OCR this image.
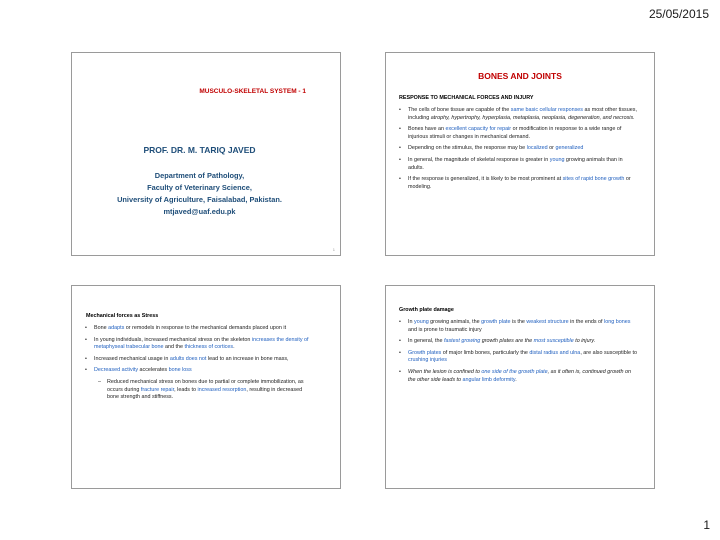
25/05/2015
MUSCULO-SKELETAL SYSTEM - 1
PROF. DR. M. TARIQ JAVED
Department of Pathology,
Faculty of Veterinary Science,
University of Agriculture, Faisalabad, Pakistan.
mtjaved@uaf.edu.pk
1
BONES AND JOINTS
RESPONSE TO MECHANICAL FORCES AND INJURY
• The cells of bone tissue are capable of the same basic cellular responses as most other tissues, including atrophy, hypertrophy, hyperplasia, metaplasia, neoplasia, degeneration, and necrosis.
• Bones have an excellent capacity for repair or modification in response to a wide range of injurious stimuli or changes in mechanical demand.
• Depending on the stimulus, the response may be localized or generalized
• In general, the magnitude of skeletal response is greater in young growing animals than in adults.
• If the response is generalized, it is likely to be most prominent at sites of rapid bone growth or modeling.
Mechanical forces as Stress
• Bone adapts or remodels in response to the mechanical demands placed upon it
• In young individuals, increased mechanical stress on the skeleton increases the density of metaphyseal trabecular bone and the thickness of cortices.
• Increased mechanical usage in adults does not lead to an increase in bone mass,
• Decreased activity accelerates bone loss
– Reduced mechanical stress on bones due to partial or complete immobilization, as occurs during fracture repair, leads to increased resorption, resulting in decreased bone strength and stiffness.
Growth plate damage
• In young growing animals, the growth plate is the weakest structure in the ends of long bones and is prone to traumatic injury
• In general, the fastest growing growth plates are the most susceptible to injury.
• Growth plates of major limb bones, particularly the distal radius and ulna, are also susceptible to crushing injuries
• When the lesion is confined to one side of the growth plate, as it often is, continued growth on the other side leads to angular limb deformity.
1
